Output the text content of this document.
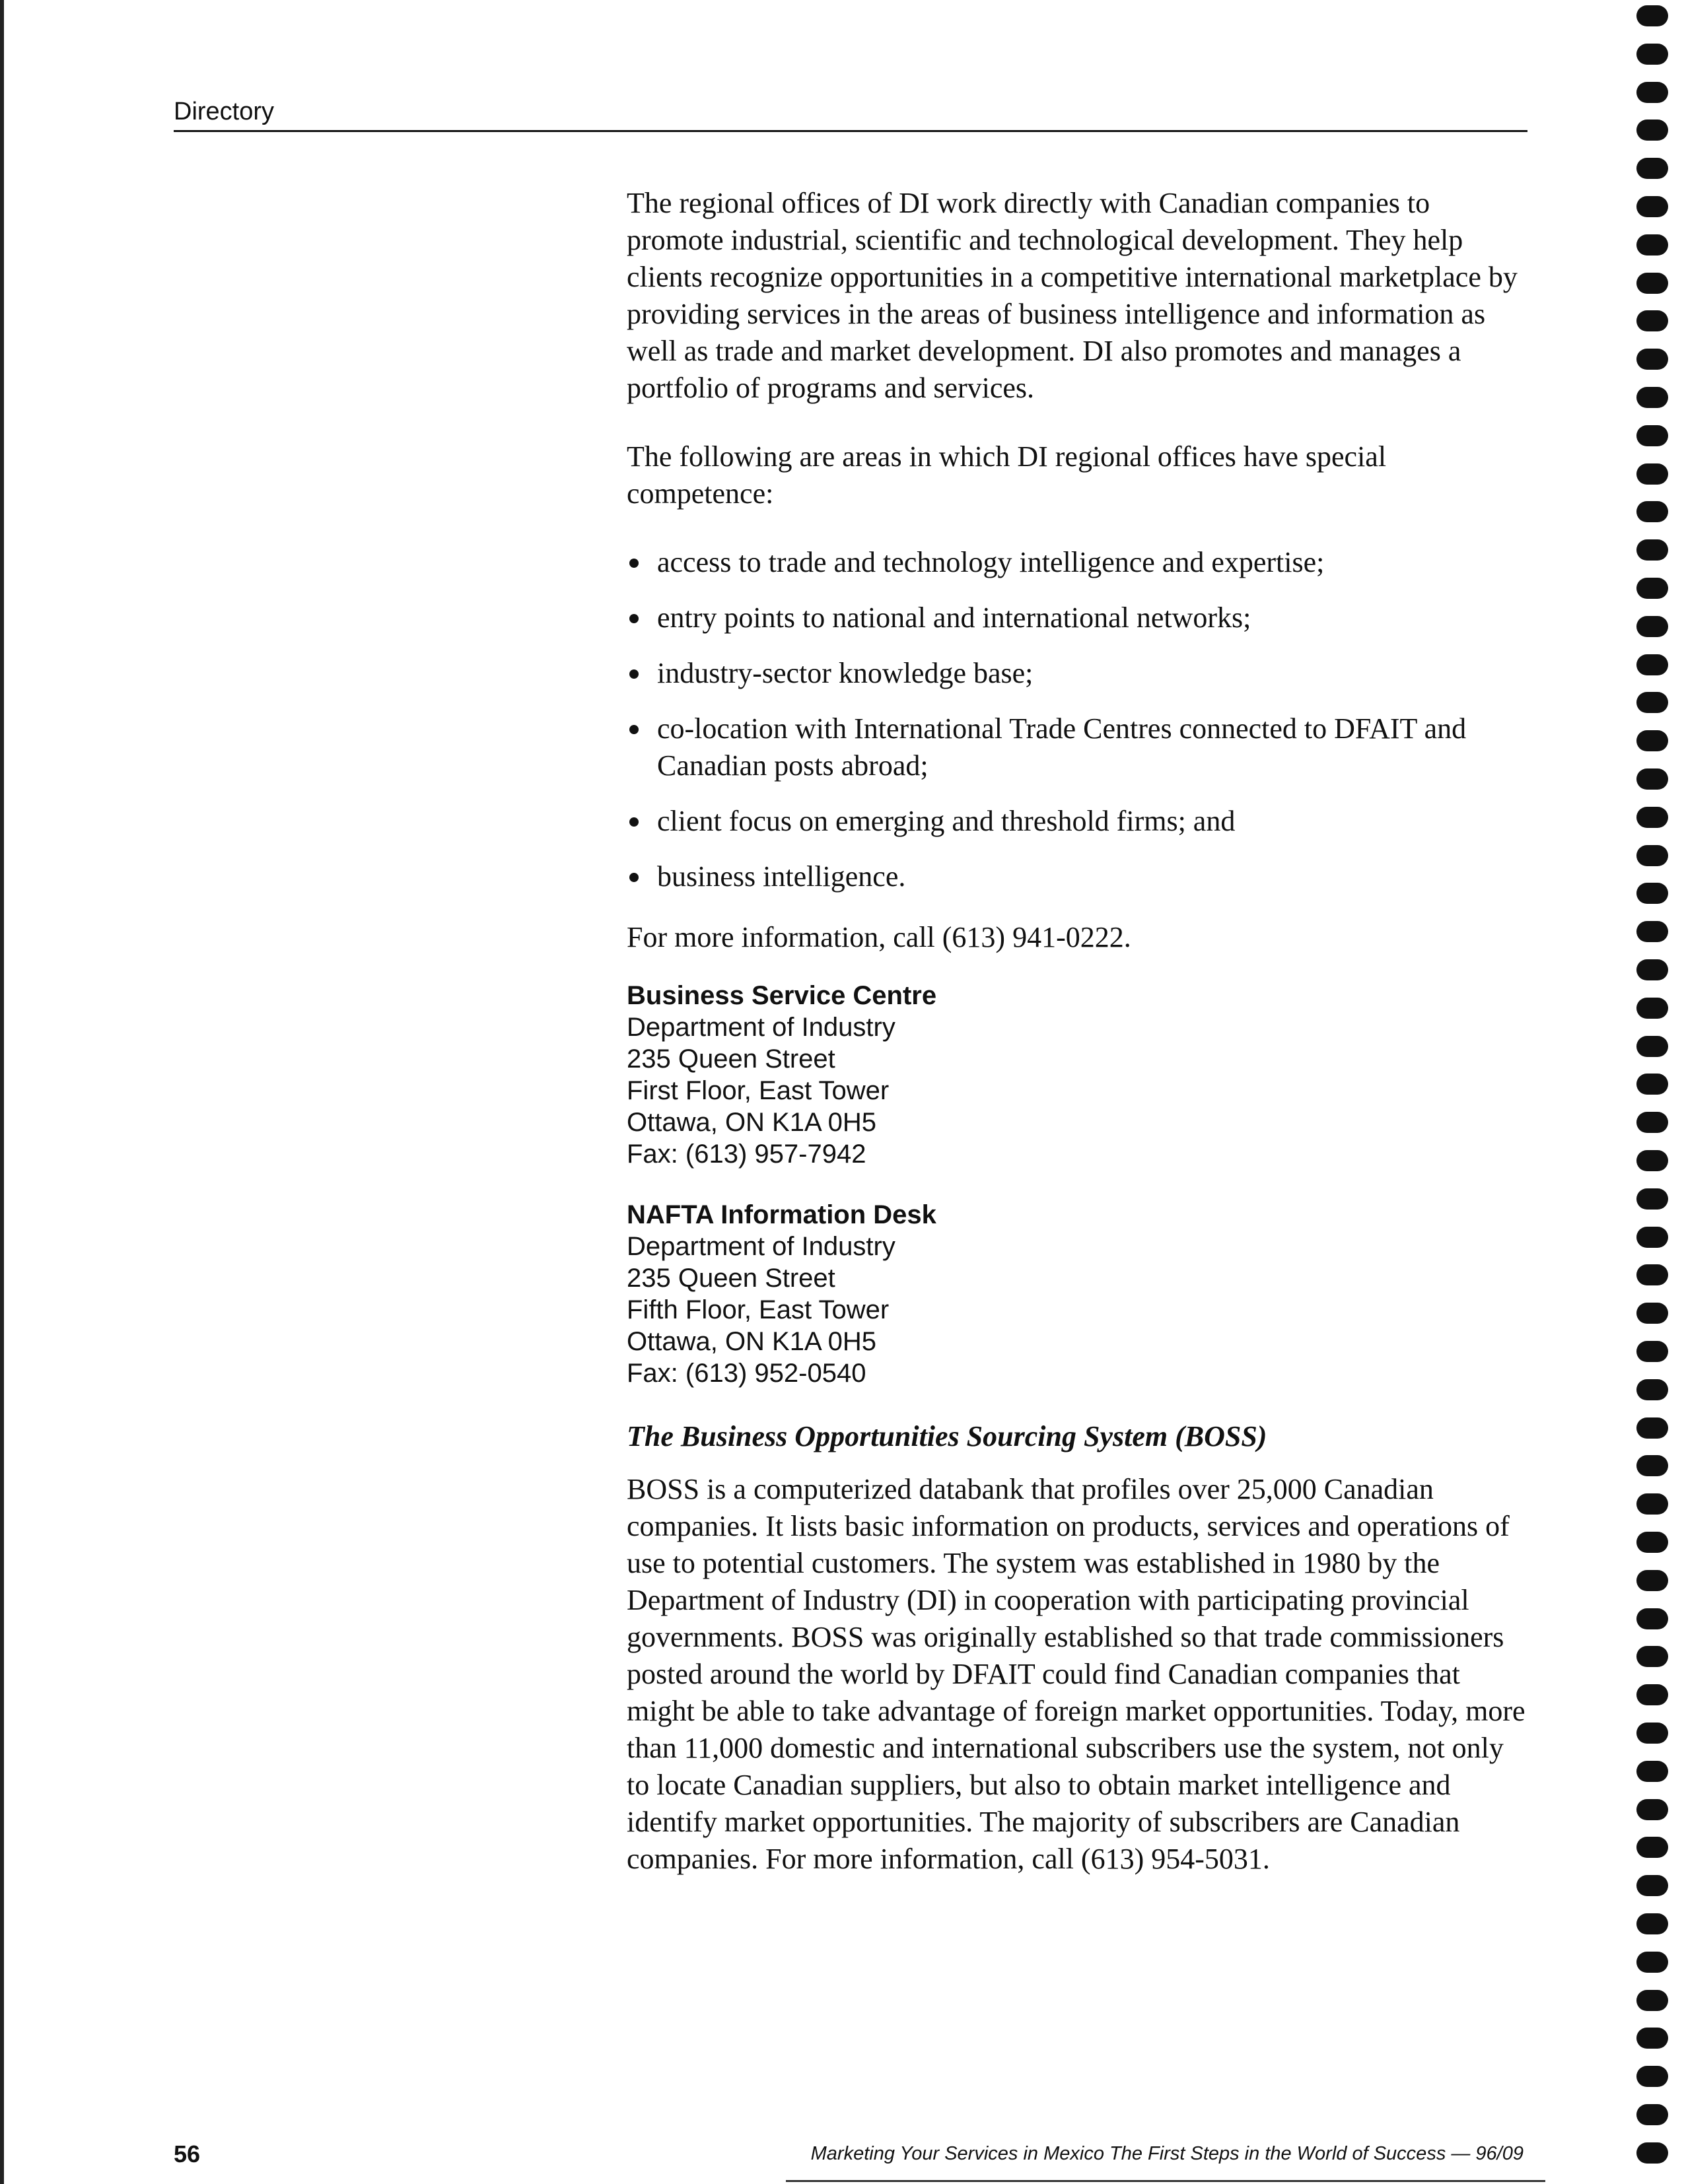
Directory

The regional offices of DI work directly with Canadian companies to promote industrial, scientific and technological development. They help clients recognize opportunities in a competitive international marketplace by providing services in the areas of business intelligence and information as well as trade and market development. DI also promotes and manages a portfolio of programs and services.

The following are areas in which DI regional offices have special competence:

access to trade and technology intelligence and expertise;
entry points to national and international networks;
industry-sector knowledge base;
co-location with International Trade Centres connected to DFAIT and Canadian posts abroad;
client focus on emerging and threshold firms; and
business intelligence.

For more information, call (613) 941-0222.

Business Service Centre
Department of Industry
235 Queen Street
First Floor, East Tower
Ottawa, ON K1A 0H5
Fax: (613) 957-7942
NAFTA Information Desk
Department of Industry
235 Queen Street
Fifth Floor, East Tower
Ottawa, ON K1A 0H5
Fax: (613) 952-0540
The Business Opportunities Sourcing System (BOSS)

BOSS is a computerized databank that profiles over 25,000 Canadian companies. It lists basic information on products, services and operations of use to potential customers. The system was established in 1980 by the Department of Industry (DI) in cooperation with participating provincial governments. BOSS was originally established so that trade commissioners posted around the world by DFAIT could find Canadian companies that might be able to take advantage of foreign market opportunities. Today, more than 11,000 domestic and international subscribers use the system, not only to locate Canadian suppliers, but also to obtain market intelligence and identify market opportunities. The majority of subscribers are Canadian companies. For more information, call (613) 954-5031.

56	Marketing Your Services in Mexico The First Steps in the World of Success — 96/09
